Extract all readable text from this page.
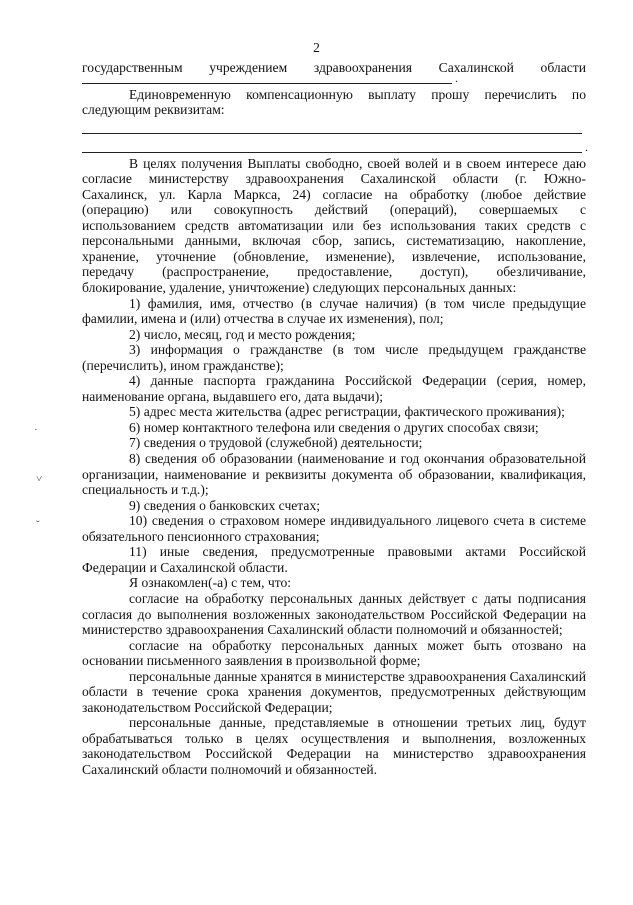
2
государственным учреждением здравоохранения Сахалинской области
.
Единовременную компенсационную выплату прошу перечислить по следующим реквизитам:
.
В целях получения Выплаты свободно, своей волей и в своем интересе даю
согласие министерству здравоохранения Сахалинской области (г. Южно-
Сахалинск, ул. Карла Маркса, 24) согласие на обработку (любое действие
(операцию) или совокупность действий (операций), совершаемых с
использованием средств автоматизации или без использования таких средств с
персональными данными, включая сбор, запись, систематизацию, накопление,
хранение, уточнение (обновление, изменение), извлечение, использование,
передачу (распространение, предоставление, доступ), обезличивание,
блокирование, удаление, уничтожение) следующих персональных данных:
1) фамилия, имя, отчество (в случае наличия) (в том числе предыдущие фамилии, имена и (или) отчества в случае их изменения), пол;
2) число, месяц, год и место рождения;
3) информация о гражданстве (в том числе предыдущем гражданстве (перечислить), ином гражданстве);
4) данные паспорта гражданина Российской Федерации (серия, номер, наименование органа, выдавшего его, дата выдачи);
5) адрес места жительства (адрес регистрации, фактического проживания);
6) номер контактного телефона или сведения о других способах связи;
7) сведения о трудовой (служебной) деятельности;
8) сведения об образовании (наименование и год окончания образовательной организации, наименование и реквизиты документа об образовании, квалификация, специальность и т.д.);
9) сведения о банковских счетах;
10) сведения о страховом номере индивидуального лицевого счета в системе обязательного пенсионного страхования;
11) иные сведения, предусмотренные правовыми актами Российской Федерации и Сахалинской области.
Я ознакомлен(-а) с тем, что:
согласие на обработку персональных данных действует с даты подписания согласия до выполнения возложенных законодательством Российской Федерации на министерство здравоохранения Сахалинский области полномочий и обязанностей;
согласие на обработку персональных данных может быть отозвано на основании письменного заявления в произвольной форме;
персональные данные хранятся в министерстве здравоохранения Сахалинский области в течение срока хранения документов, предусмотренных действующим законодательством Российской Федерации;
персональные данные, представляемые в отношении третьих лиц, будут обрабатываться только в целях осуществления и выполнения, возложенных законодательством Российской Федерации на министерство здравоохранения Сахалинский области полномочий и обязанностей.
˙
˅
ˇ
